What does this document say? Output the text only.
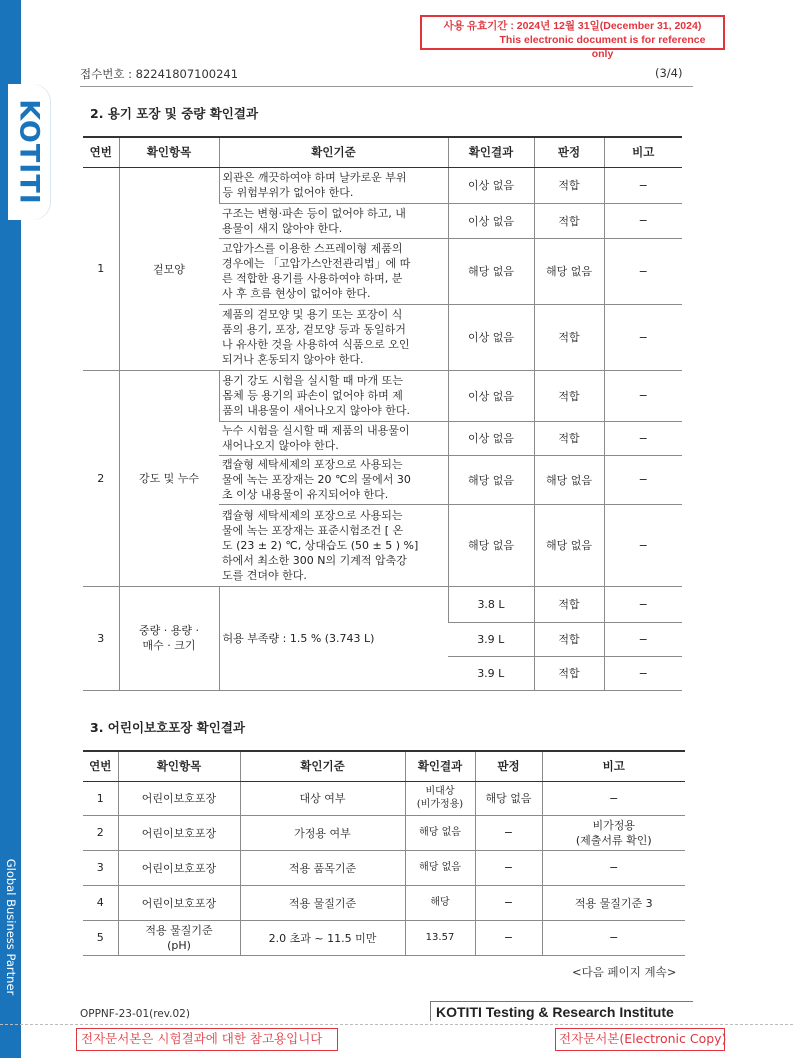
KOTITI
Global Business Partner
사용 유효기간 : 2024년 12월 31일(December 31, 2024)

This electronic document is for reference only
접수번호 : 82241807100241	(3/4)
2. 용기 포장 및 중량 확인결과
연번	확인항목	확인기준	확인결과	판정	비고
1	겉모양	외관은 깨끗하여야 하며 날카로운 부위
등 위험부위가 없어야 한다.	이상 없음	적합	−
		구조는 변형·파손 등이 없어야 하고, 내
용물이 새지 않아야 한다.	이상 없음	적합	−
		고압가스를 이용한 스프레이형 제품의
경우에는 「고압가스안전관리법」에 따
른 적합한 용기를 사용하여야 하며, 분
사 후 흐름 현상이 없어야 한다.	해당 없음	해당 없음	−
		제품의 겉모양 및 용기 또는 포장이 식
품의 용기, 포장, 겉모양 등과 동일하거
나 유사한 것을 사용하여 식품으로 오인
되거나 혼동되지 않아야 한다.	이상 없음	적합	−
2	강도 및 누수	용기 강도 시험을 실시할 때 마개 또는
몸체 등 용기의 파손이 없어야 하며 제
품의 내용물이 새어나오지 않아야 한다.	이상 없음	적합	−
		누수 시험을 실시할 때 제품의 내용물이
새어나오지 않아야 한다.	이상 없음	적합	−
		캡슐형 세탁세제의 포장으로 사용되는
물에 녹는 포장재는 20 ℃의 물에서 30
초 이상 내용물이 유지되어야 한다.	해당 없음	해당 없음	−
		캡슐형 세탁세제의 포장으로 사용되는
물에 녹는 포장재는 표준시험조건 [ 온
도 (23 ± 2) ℃, 상대습도 (50 ± 5 ) %]
하에서 최소한 300 N의 기계적 압축강
도를 견뎌야 한다.	해당 없음	해당 없음	−
3	중량 · 용량 ·
매수 · 크기	허용 부족량 : 1.5 % (3.743 L)	3.8 L	적합	−
			3.9 L	적합	−
			3.9 L	적합	−
3. 어린이보호포장 확인결과
연번	확인항목	확인기준	확인결과	판정	비고
1	어린이보호포장	대상 여부	비대상
(비가정용)	해당 없음	−
2	어린이보호포장	가정용 여부	해당 없음	−	비가정용
(제출서류 확인)
3	어린이보호포장	적용 품목기준	해당 없음	−	−
4	어린이보호포장	적용 물질기준	해당	−	적용 물질기준 3
5	적용 물질기준
(pH)	2.0 초과 ~ 11.5 미만	13.57	−	−
<다음 페이지 계속>
OPPNF-23-01(rev.02)	KOTITI Testing & Research Institute
전자문서본은 시험결과에 대한 참고용입니다	전자문서본(Electronic Copy)
